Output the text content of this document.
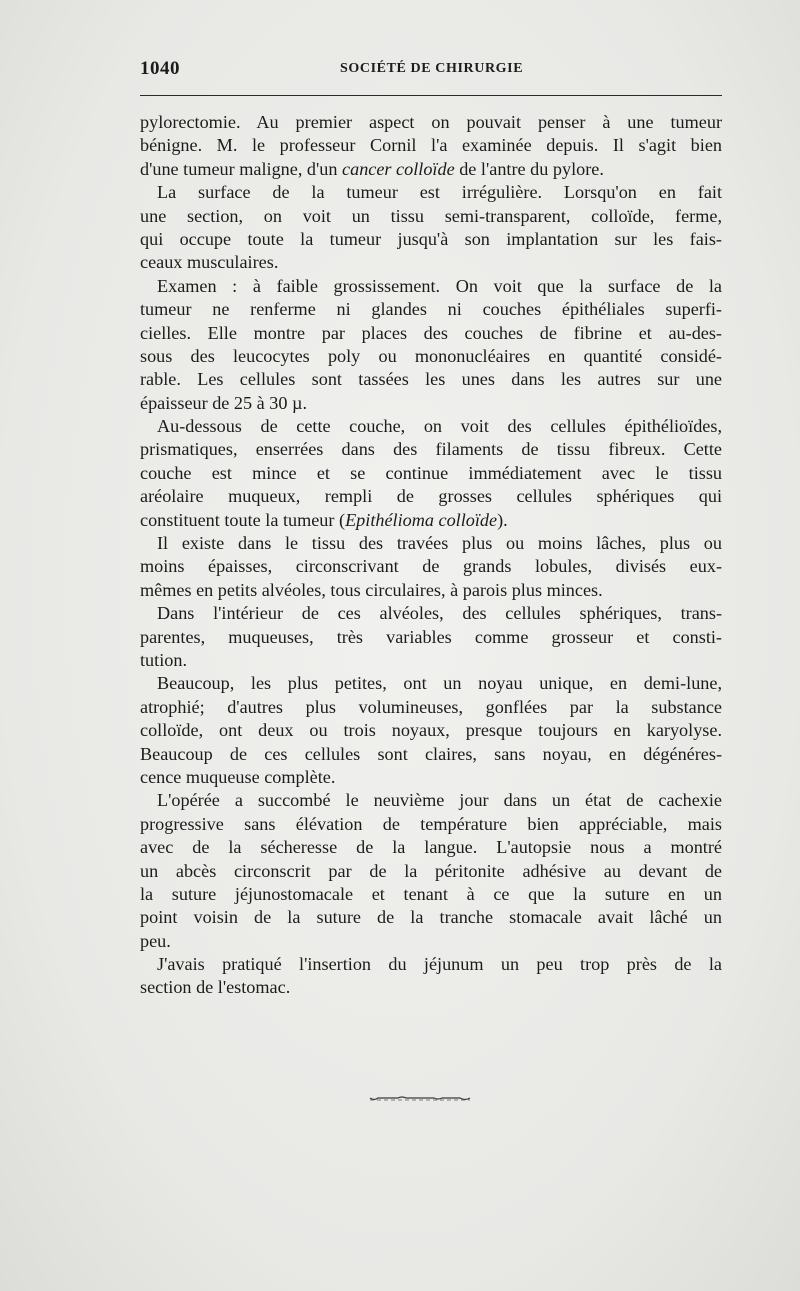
1040	SOCIÉTÉ DE CHIRURGIE
pylorectomie. Au premier aspect on pouvait penser à une tumeur
bénigne. M. le professeur Cornil l'a examinée depuis. Il s'agit bien
d'une tumeur maligne, d'un cancer colloïde de l'antre du pylore.
La surface de la tumeur est irrégulière. Lorsqu'on en fait
une section, on voit un tissu semi-transparent, colloïde, ferme,
qui occupe toute la tumeur jusqu'à son implantation sur les fais-
ceaux musculaires.
Examen : à faible grossissement. On voit que la surface de la
tumeur ne renferme ni glandes ni couches épithéliales superfi-
cielles. Elle montre par places des couches de fibrine et au-des-
sous des leucocytes poly ou mononucléaires en quantité considé-
rable. Les cellules sont tassées les unes dans les autres sur une
épaisseur de 25 à 30 µ.
Au-dessous de cette couche, on voit des cellules épithélioïdes,
prismatiques, enserrées dans des filaments de tissu fibreux. Cette
couche est mince et se continue immédiatement avec le tissu
aréolaire muqueux, rempli de grosses cellules sphériques qui
constituent toute la tumeur (Epithélioma colloïde).
Il existe dans le tissu des travées plus ou moins lâches, plus ou
moins épaisses, circonscrivant de grands lobules, divisés eux-
mêmes en petits alvéoles, tous circulaires, à parois plus minces.
Dans l'intérieur de ces alvéoles, des cellules sphériques, trans-
parentes, muqueuses, très variables comme grosseur et consti-
tution.
Beaucoup, les plus petites, ont un noyau unique, en demi-lune,
atrophié; d'autres plus volumineuses, gonflées par la substance
colloïde, ont deux ou trois noyaux, presque toujours en karyolyse.
Beaucoup de ces cellules sont claires, sans noyau, en dégénéres-
cence muqueuse complète.
L'opérée a succombé le neuvième jour dans un état de cachexie
progressive sans élévation de température bien appréciable, mais
avec de la sécheresse de la langue. L'autopsie nous a montré
un abcès circonscrit par de la péritonite adhésive au devant de
la suture jéjunostomacale et tenant à ce que la suture en un
point voisin de la suture de la tranche stomacale avait lâché un
peu.
J'avais pratiqué l'insertion du jéjunum un peu trop près de la
section de l'estomac.
